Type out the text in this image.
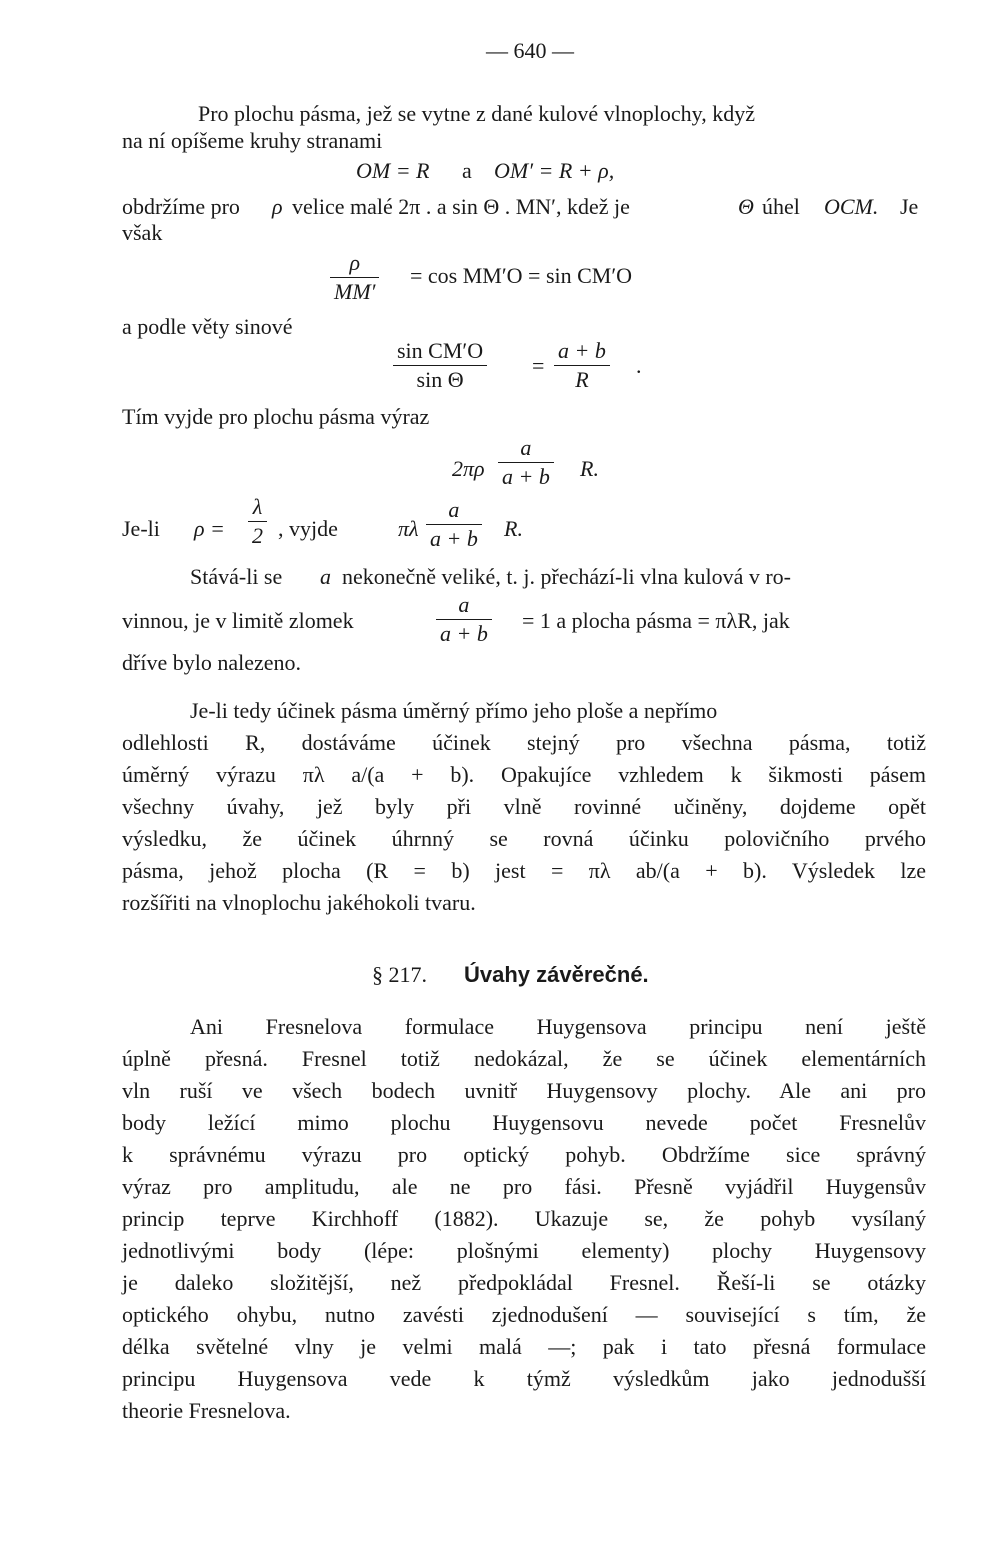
— 640 —
Pro plochu pásma, jež se vytne z dané kulové vlnoplochy, když
na ní opíšeme kruhy stranami
OM = R a OM′ = R + ρ,
obdržíme pro ρ velice malé 2π . a sin Θ . MN′, kdež je	Θ úhel OCM. Je
však
ρ
MM′
= cos MM′O = sin CM′O
a podle věty sinové
sin CM′O
sin Θ
=
a + b
R
.
Tím vyjde pro plochu pásma výraz
2πρ
a
a + b R.
Je-li ρ =
λ
2 , vyjde	πλ
a
a + b R.
Stává-li se a nekonečně veliké, t. j. přechází-li vlna kulová v ro-
vinnou, je v limitě zlomek
a
a + b
= 1 a plocha pásma = πλR, jak
dříve bylo nalezeno.
Je-li tedy účinek pásma úměrný přímo jeho ploše a nepřímo
odlehlosti R, dostáváme účinek stejný pro všechna pásma, totiž
úměrný výrazu πλ a/(a + b). Opakujíce vzhledem k šikmosti pásem
všechny úvahy, jež byly při vlně rovinné učiněny, dojdeme opět
výsledku, že účinek úhrnný se rovná účinku polovičního prvého
pásma, jehož plocha (R = b) jest = πλ ab/(a + b). Výsledek lze
rozšířiti na vlnoplochu jakéhokoli tvaru.
§ 217. Úvahy závěrečné.
Ani Fresnelova formulace Huygensova principu není ještě
úplně přesná. Fresnel totiž nedokázal, že se účinek elementárních
vln ruší ve všech bodech uvnitř Huygensovy plochy. Ale ani pro
body ležící mimo plochu Huygensovu nevede počet Fresnelův
k správnému výrazu pro optický pohyb. Obdržíme sice správný
výraz pro amplitudu, ale ne pro fási. Přesně vyjádřil Huygensův
princip teprve Kirchhoff (1882). Ukazuje se, že pohyb vysílaný
jednotlivými body (lépe: plošnými elementy) plochy Huygensovy
je daleko složitější, než předpokládal Fresnel. Řeší-li se otázky
optického ohybu, nutno zavésti zjednodušení — související s tím, že
délka světelné vlny je velmi malá —; pak i tato přesná formulace
principu Huygensova vede k týmž výsledkům jako jednodušší
theorie Fresnelova.
